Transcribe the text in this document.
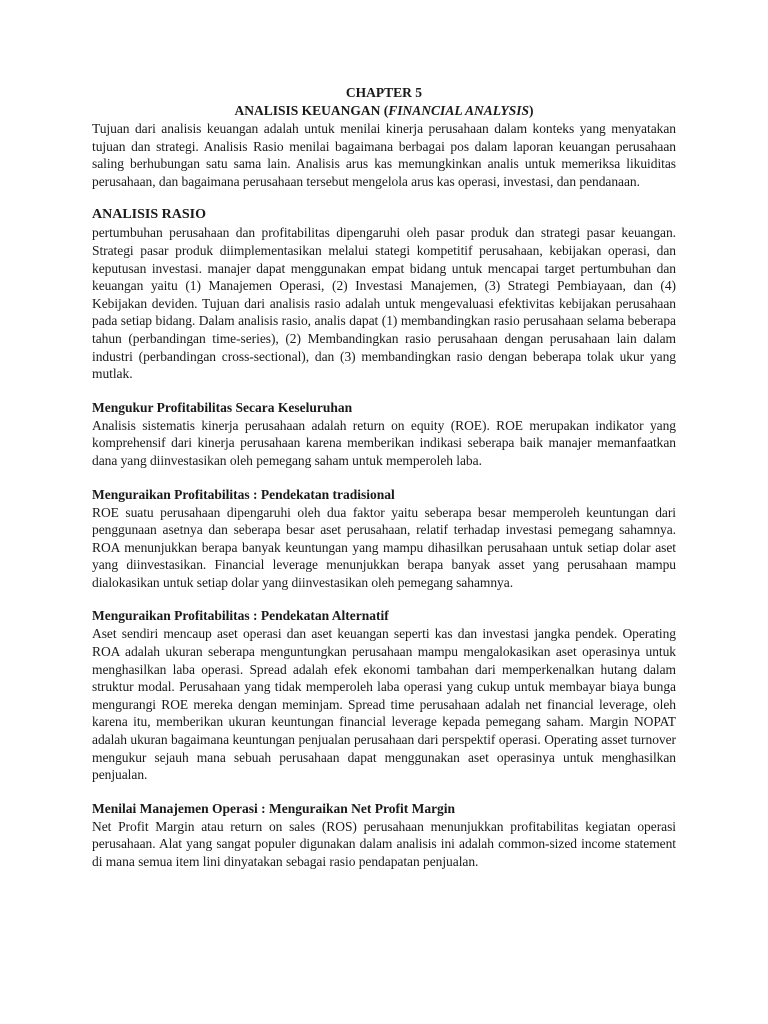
CHAPTER 5
ANALISIS KEUANGAN (FINANCIAL ANALYSIS)

Tujuan dari analisis keuangan adalah untuk menilai kinerja perusahaan dalam konteks yang menyatakan tujuan dan strategi. Analisis Rasio menilai bagaimana berbagai pos dalam laporan keuangan perusahaan saling berhubungan satu sama lain. Analisis arus kas memungkinkan analis untuk memeriksa likuiditas perusahaan, dan bagaimana perusahaan tersebut mengelola arus kas operasi, investasi, dan pendanaan.

ANALISIS RASIO

pertumbuhan perusahaan dan profitabilitas dipengaruhi oleh pasar produk dan strategi pasar keuangan. Strategi pasar produk diimplementasikan melalui stategi kompetitif perusahaan, kebijakan operasi, dan keputusan investasi. manajer dapat menggunakan empat bidang untuk mencapai target pertumbuhan dan keuangan yaitu (1) Manajemen Operasi, (2) Investasi Manajemen, (3) Strategi Pembiayaan, dan (4) Kebijakan deviden. Tujuan dari analisis rasio adalah untuk mengevaluasi efektivitas kebijakan perusahaan pada setiap bidang. Dalam analisis rasio, analis dapat (1) membandingkan rasio perusahaan selama beberapa tahun (perbandingan time-series), (2) Membandingkan rasio perusahaan dengan perusahaan lain dalam industri (perbandingan cross-sectional), dan (3) membandingkan rasio dengan beberapa tolak ukur yang mutlak.

Mengukur Profitabilitas Secara Keseluruhan

Analisis sistematis kinerja perusahaan adalah return on equity (ROE). ROE merupakan indikator yang komprehensif dari kinerja perusahaan karena memberikan indikasi seberapa baik manajer memanfaatkan dana yang diinvestasikan oleh pemegang saham untuk memperoleh laba.

Menguraikan Profitabilitas : Pendekatan tradisional

ROE suatu perusahaan dipengaruhi oleh dua faktor yaitu seberapa besar memperoleh keuntungan dari penggunaan asetnya dan seberapa besar aset perusahaan, relatif terhadap investasi pemegang sahamnya. ROA menunjukkan berapa banyak keuntungan yang mampu dihasilkan perusahaan untuk setiap dolar aset yang diinvestasikan. Financial leverage menunjukkan berapa banyak asset yang perusahaan mampu dialokasikan untuk setiap dolar yang diinvestasikan oleh pemegang sahamnya.

Menguraikan Profitabilitas : Pendekatan Alternatif

Aset sendiri mencaup aset operasi dan aset keuangan seperti kas dan investasi jangka pendek. Operating ROA adalah ukuran seberapa menguntungkan perusahaan mampu mengalokasikan aset operasinya untuk menghasilkan laba operasi. Spread adalah efek ekonomi tambahan dari memperkenalkan hutang dalam struktur modal. Perusahaan yang tidak memperoleh laba operasi yang cukup untuk membayar biaya bunga mengurangi ROE mereka dengan meminjam. Spread time perusahaan adalah net financial leverage, oleh karena itu, memberikan ukuran keuntungan financial leverage kepada pemegang saham. Margin NOPAT adalah ukuran bagaimana keuntungan penjualan perusahaan dari perspektif operasi. Operating asset turnover mengukur sejauh mana sebuah perusahaan dapat menggunakan aset operasinya untuk menghasilkan penjualan.

Menilai Manajemen Operasi : Menguraikan Net Profit Margin

Net Profit Margin atau return on sales (ROS) perusahaan menunjukkan profitabilitas kegiatan operasi perusahaan. Alat yang sangat populer digunakan dalam analisis ini adalah common-sized income statement di mana semua item lini dinyatakan sebagai rasio pendapatan penjualan.
